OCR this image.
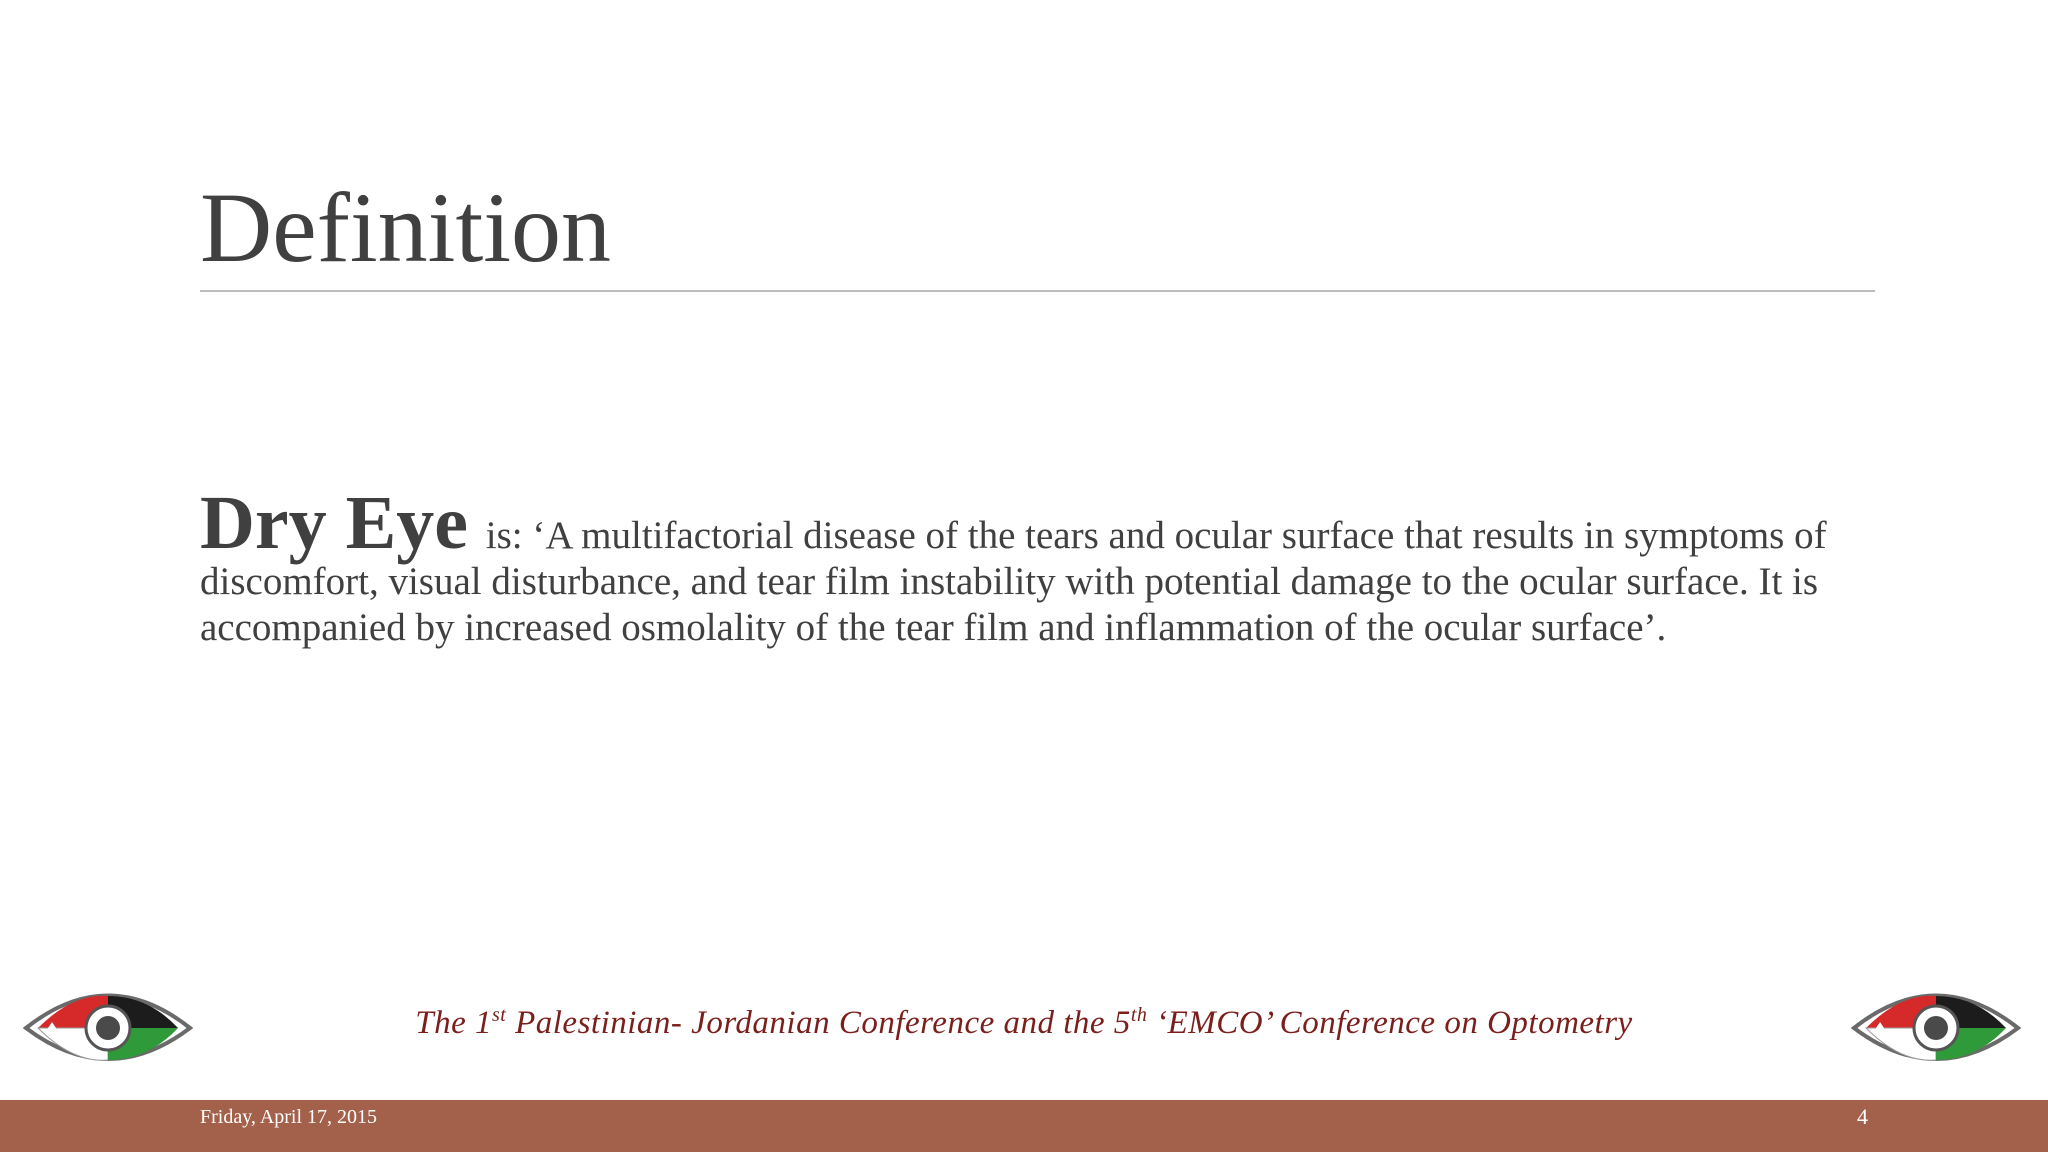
Definition
Dry Eye is: ‘A multifactorial disease of the tears and ocular surface that results in symptoms of discomfort, visual disturbance, and tear film instability with potential damage to the ocular surface. It is accompanied by increased osmolality of the tear film and inflammation of the ocular surface’.
The 1st Palestinian- Jordanian Conference and the 5th ‘EMCO’ Conference on Optometry
Friday, April 17, 2015	4
